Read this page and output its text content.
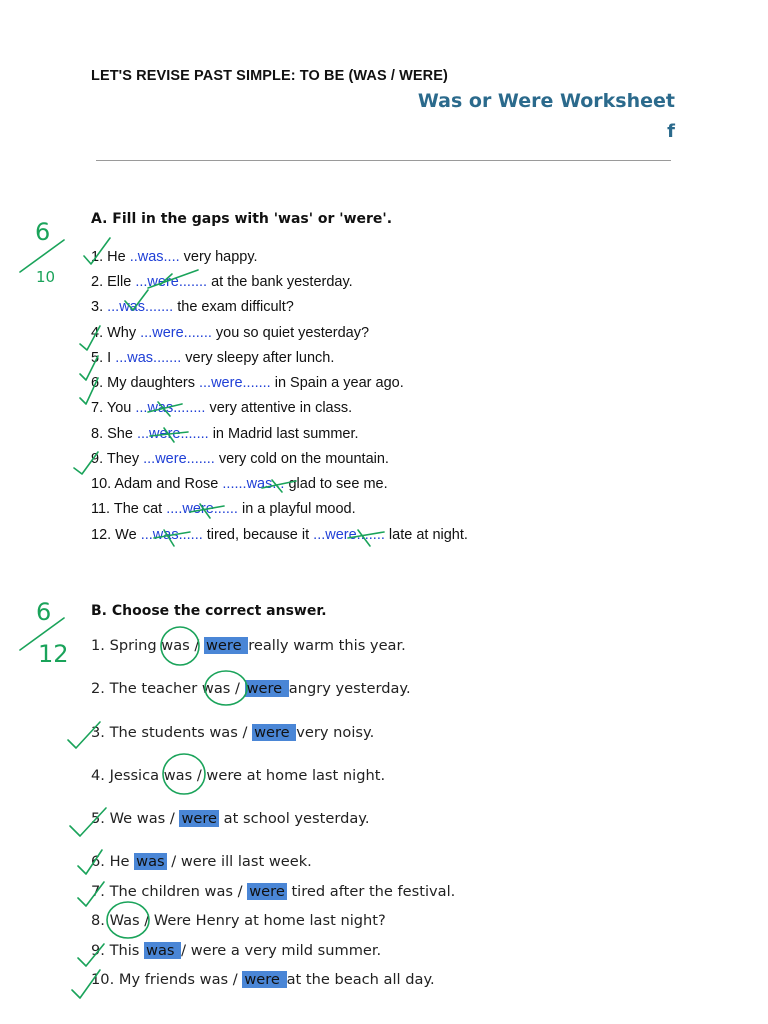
LET'S REVISE PAST SIMPLE: TO BE (WAS / WERE)
Was or Were Worksheet
f
A. Fill in the gaps with 'was' or 'were'.
1. He ..was.... very happy.
2. Elle ...were....... at the bank yesterday.
3. ...was....... the exam difficult?
4. Why ...were....... you so quiet yesterday?
5. I ...was....... very sleepy after lunch.
6. My daughters ...were....... in Spain a year ago.
7. You ...was........ very attentive in class.
8. She ...were....... in Madrid last summer.
9. They ...were....... very cold on the mountain.
10. Adam and Rose ......was... glad to see me.
11. The cat ....were...... in a playful mood.
12. We ...was...... tired, because it ...were....... late at night.
B. Choose the correct answer.
1. Spring was / were really warm this year.
2. The teacher was / were angry yesterday.
3. The students was / were very noisy.
4. Jessica was / were at home last night.
5. We was / were at school yesterday.
6. He was / were ill last week.
7. The children was / were tired after the festival.
8. Was / Were Henry at home last night?
9. This was / were a very mild summer.
10. My friends was / were at the beach all day.
6
10
6
12
